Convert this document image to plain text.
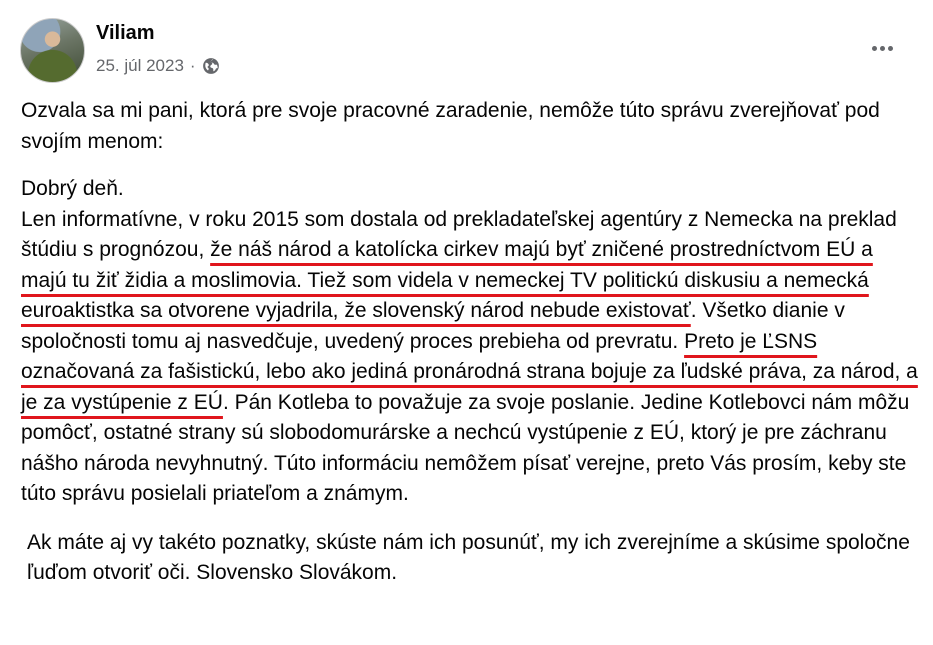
Viliam
25. júl 2023 ·

Ozvala sa mi pani, ktorá pre svoje pracovné zaradenie, nemôže túto správu zverejňovať pod svojím menom:

Dobrý deň.
Len informatívne, v roku 2015 som dostala od prekladateľskej agentúry z Nemecka na preklad štúdiu s prognózou, že náš národ a katolícka cirkev majú byť zničené prostredníctvom EÚ a majú tu žiť židia a moslimovia. Tiež som videla v nemeckej TV politickú diskusiu a nemecká euroaktistka sa otvorene vyjadrila, že slovenský národ nebude existovať. Všetko dianie v spoločnosti tomu aj nasvedčuje, uvedený proces prebieha od prevratu. Preto je ĽSNS označovaná za fašistickú, lebo ako jediná pronárodná strana bojuje za ľudské práva, za národ, a je za vystúpenie z EÚ. Pán Kotleba to považuje za svoje poslanie. Jedine Kotlebovci nám môžu pomôcť, ostatné strany sú slobodomurárske a nechcú vystúpenie z EÚ, ktorý je pre záchranu nášho národa nevyhnutný. Túto informáciu nemôžem písať verejne, preto Vás prosím, keby ste túto správu posielali priateľom a známym.

Ak máte aj vy takéto poznatky, skúste nám ich posunúť, my ich zverejníme a skúsime spoločne ľuďom otvoriť oči. Slovensko Slovákom.
